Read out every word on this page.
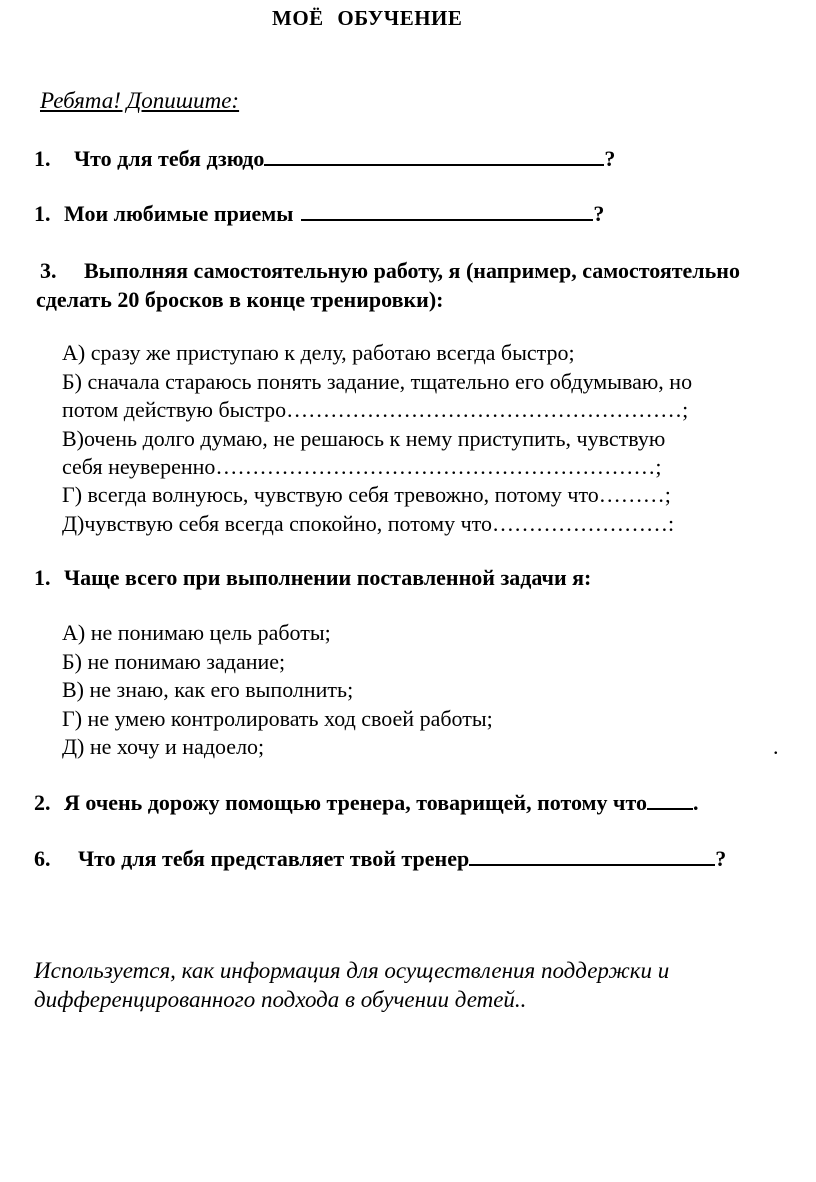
МОЁ ОБУЧЕНИЕ
Ребята! Допишите:
1. Что для тебя дзюдо	?
1. Мои любимые приемы	?
3. Выполняя самостоятельную работу, я (например, самостоятельно
сделать 20 бросков в конце тренировки):
А) сразу же приступаю к делу, работаю всегда быстро;
Б) сначала стараюсь понять задание, тщательно его обдумываю, но
потом действую быстро………………………………………………;
В)очень долго думаю, не решаюсь к нему приступить, чувствую
себя неуверенно……………………………………………………;
Г) всегда волнуюсь, чувствую себя тревожно, потому что………;
Д)чувствую себя всегда спокойно, потому что……………………:
1. Чаще всего при выполнении поставленной задачи я:
А) не понимаю цель работы;
Б) не понимаю задание;
В) не знаю, как его выполнить;
Г) не умею контролировать ход своей работы;
Д) не хочу и надоело;	.
2. Я очень дорожу помощью тренера, товарищей, потому что .
6. Что для тебя представляет твой тренер	?
Используется, как информация для осуществления поддержки и
дифференцированного подхода в обучении детей..
